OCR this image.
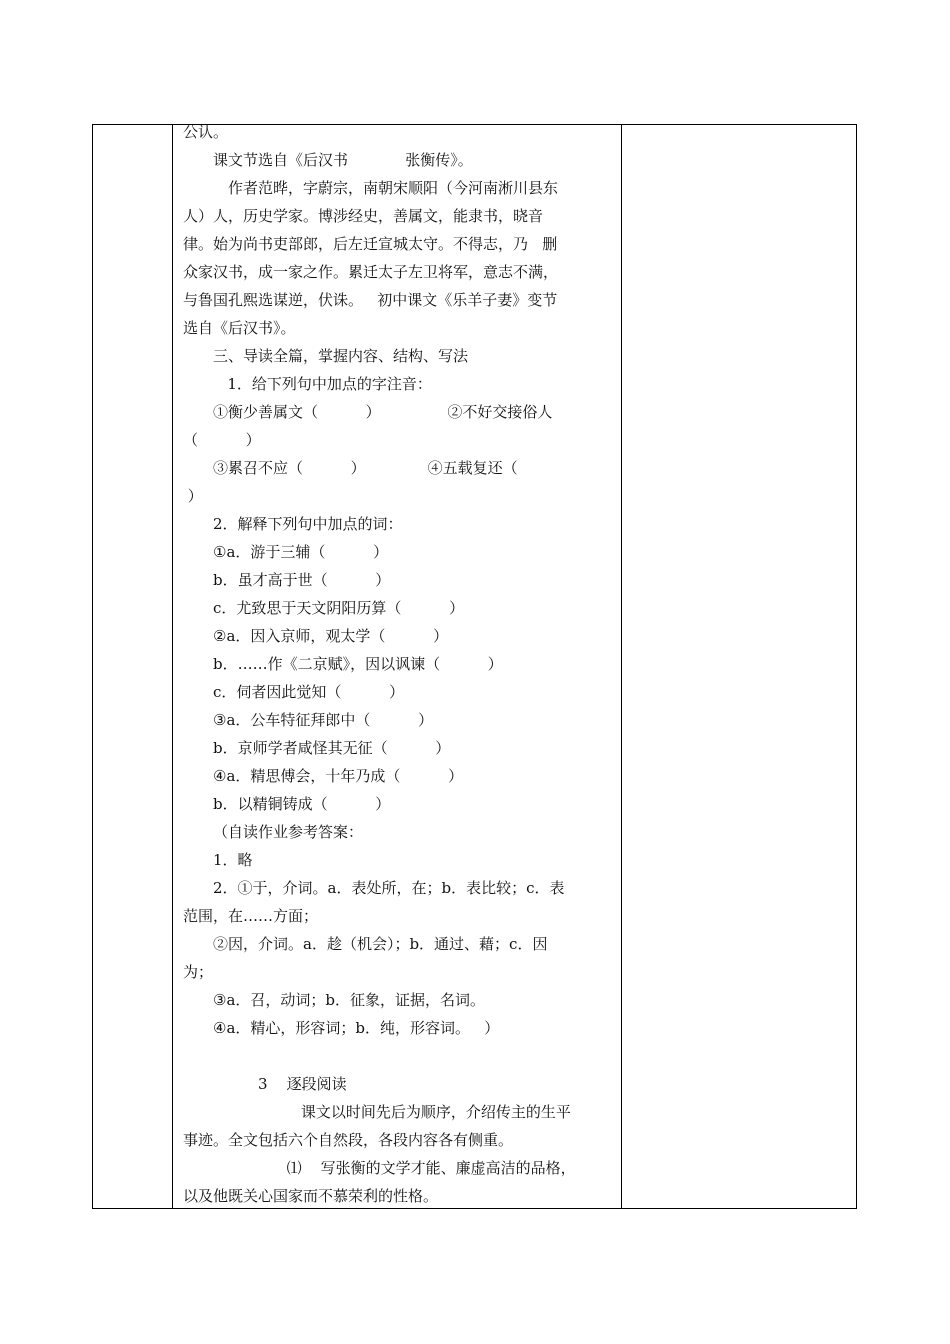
公认。

课文节选自《后汉书            张衡传》。

作者范晔，字蔚宗，南朝宋顺阳（今河南淅川县东

人）人，历史学家。博涉经史，善属文，能隶书，晓音

律。始为尚书吏部郎，后左迁宣城太守。不得志，乃   删

众家汉书，成一家之作。累迁太子左卫将军，意志不满，

与鲁国孔熙选谋逆，伏诛。   初中课文《乐羊子妻》变节

选自《后汉书》。

三、导读全篇，掌握内容、结构、写法

1．给下列句中加点的字注音：

①衡少善属文（          ）              ②不好交接俗人

（          ）

③累召不应（          ）             ④五载复还（

）

2．解释下列句中加点的词：

①a．游于三辅（          ）

b．虽才高于世（          ）

c．尤致思于天文阴阳历算（          ）

②a．因入京师，观太学（          ）

b．……作《二京赋》，因以讽谏（          ）

c．伺者因此觉知（          ）

③a．公车特征拜郎中（          ）

b．京师学者咸怪其无征（          ）

④a．精思傅会，十年乃成（          ）

b．以精铜铸成（          ）

（自读作业参考答案：

1．略

2．①于，介词。a．表处所，在；b．表比较；c．表

范围，在……方面；

②因，介词。a．趁（机会）；b．通过、藉；c．因

为；

③a．召，动词；b．征象，证据，名词。

④a．精心，形容词；b．纯，形容词。   ）

3    逐段阅读

课文以时间先后为顺序，介绍传主的生平

事迹。全文包括六个自然段，各段内容各有侧重。

⑴    写张衡的文学才能、廉虚高洁的品格，

以及他既关心国家而不慕荣利的性格。
